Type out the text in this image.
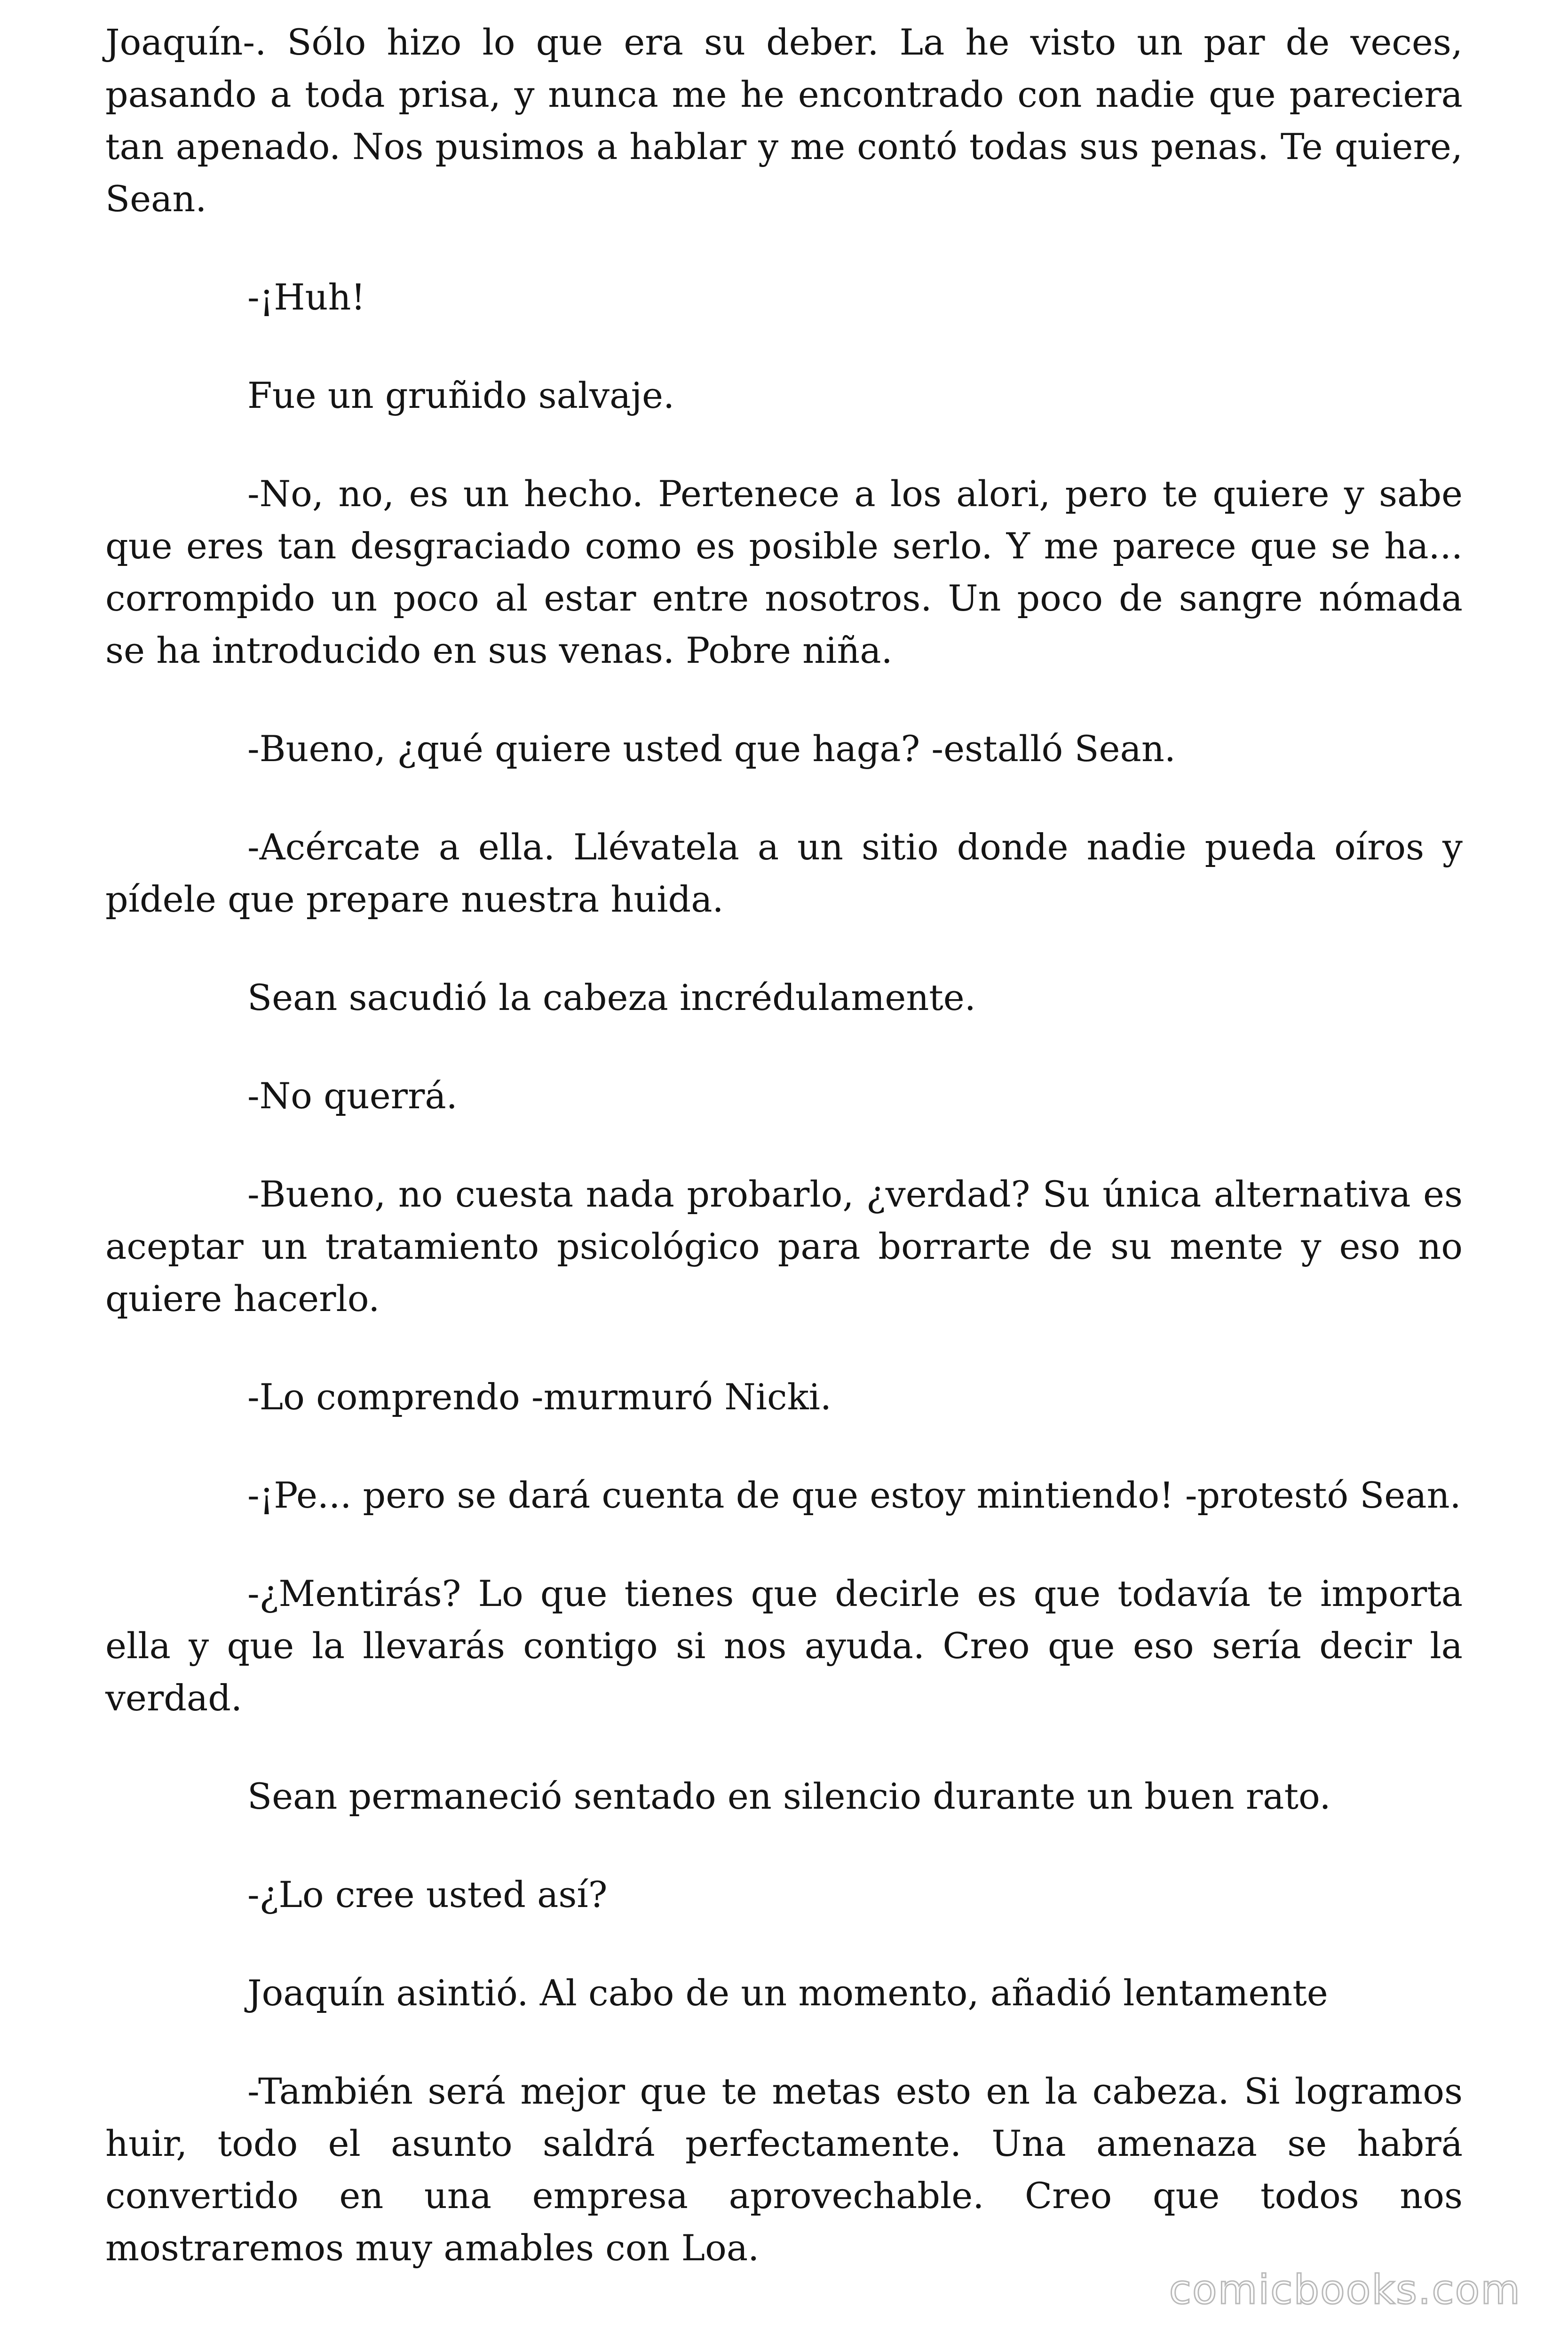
Joaquín-. Sólo hizo lo que era su deber. La he visto un par de veces, pasando a toda prisa, y nunca me he encontrado con nadie que pareciera tan apenado. Nos pusimos a hablar y me contó todas sus penas. Te quiere, Sean.

-¡Huh!

Fue un gruñido salvaje.

-No, no, es un hecho. Pertenece a los alori, pero te quiere y sabe que eres tan desgraciado como es posible serlo. Y me parece que se ha... corrompido un poco al estar entre nosotros. Un poco de sangre nómada se ha introducido en sus venas. Pobre niña.

-Bueno, ¿qué quiere usted que haga? -estalló Sean.

-Acércate a ella. Llévatela a un sitio donde nadie pueda oíros y pídele que prepare nuestra huida.

Sean sacudió la cabeza incrédulamente.

-No querrá.

-Bueno, no cuesta nada probarlo, ¿verdad? Su única alternativa es aceptar un tratamiento psicológico para borrarte de su mente y eso no quiere hacerlo.

-Lo comprendo -murmuró Nicki.

-¡Pe... pero se dará cuenta de que estoy mintiendo! -protestó Sean.

-¿Mentirás? Lo que tienes que decirle es que todavía te importa ella y que la llevarás contigo si nos ayuda. Creo que eso sería decir la verdad.

Sean permaneció sentado en silencio durante un buen rato.

-¿Lo cree usted así?

Joaquín asintió. Al cabo de un momento, añadió lentamente

-También será mejor que te metas esto en la cabeza. Si logramos huir, todo el asunto saldrá perfectamente. Una amenaza se habrá convertido en una empresa aprovechable. Creo que todos nos mostraremos muy amables con Loa.

comicbooks.com
